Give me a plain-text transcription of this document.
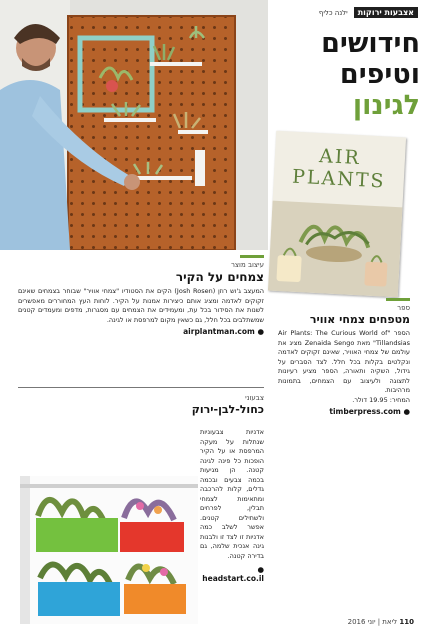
אצבעות ירוקות
ילנה כליף
חידושים
וטיפים
לגינון
AIR PLANTS
עיצוב מוצר
צמחים על הקיר
המעצב ג'וש רוזן (Josh Rosen) הקים את הסטודיו "צמחי אוויר" שבוחר בצמחים שאינם זקוקים לאדמה ומציג אותם כיצירות אמנות על הקיר. לוחות העץ המחוררים מאפשרים לשנות את הסידור בכל עת, ומעמידים את הצמחים עם מסגרות, מדפים ומעמדים קטנים שמשתלבים בכל חלל, גם כשאין מקום למרפסת או לגינה.
● airplantman.com
צבעוני
כחול-לבן-ירוק
אדניות צבעוניות שנתלות על מעקה המרפסת או על הקיר הופכות כל פינה לגינה קטנה. הן מגיעות בכמה צבעים ובכמה גדלים, קלות להרכבה ומתאימות לצמחי תבלין, לפרחים ולשתילים קטנים. אפשר לשלב כמה אדניות זו לצד זו ולבנות גינה אנכית שלמה, גם בדירה קטנה.
● headstart.co.il
ספר
מטפחים צמחי אוויר
הספר "Air Plants: The Curious World of Tillandsias" מאת Zenaida Sengo מציג את עולמם של צמחי האוויר, שאינם זקוקים לאדמה ונקלטים בקלות בכל חלל. לצד הסברים על גידול, השקיה ותאורה, הספר מציע רעיונות לתצוגה ולעיצוב עם הצמחים, בתמונות מרהיבות.
המחיר: 19.95 דולר.
● timberpress.com
110 ליאת | יוני 2016
